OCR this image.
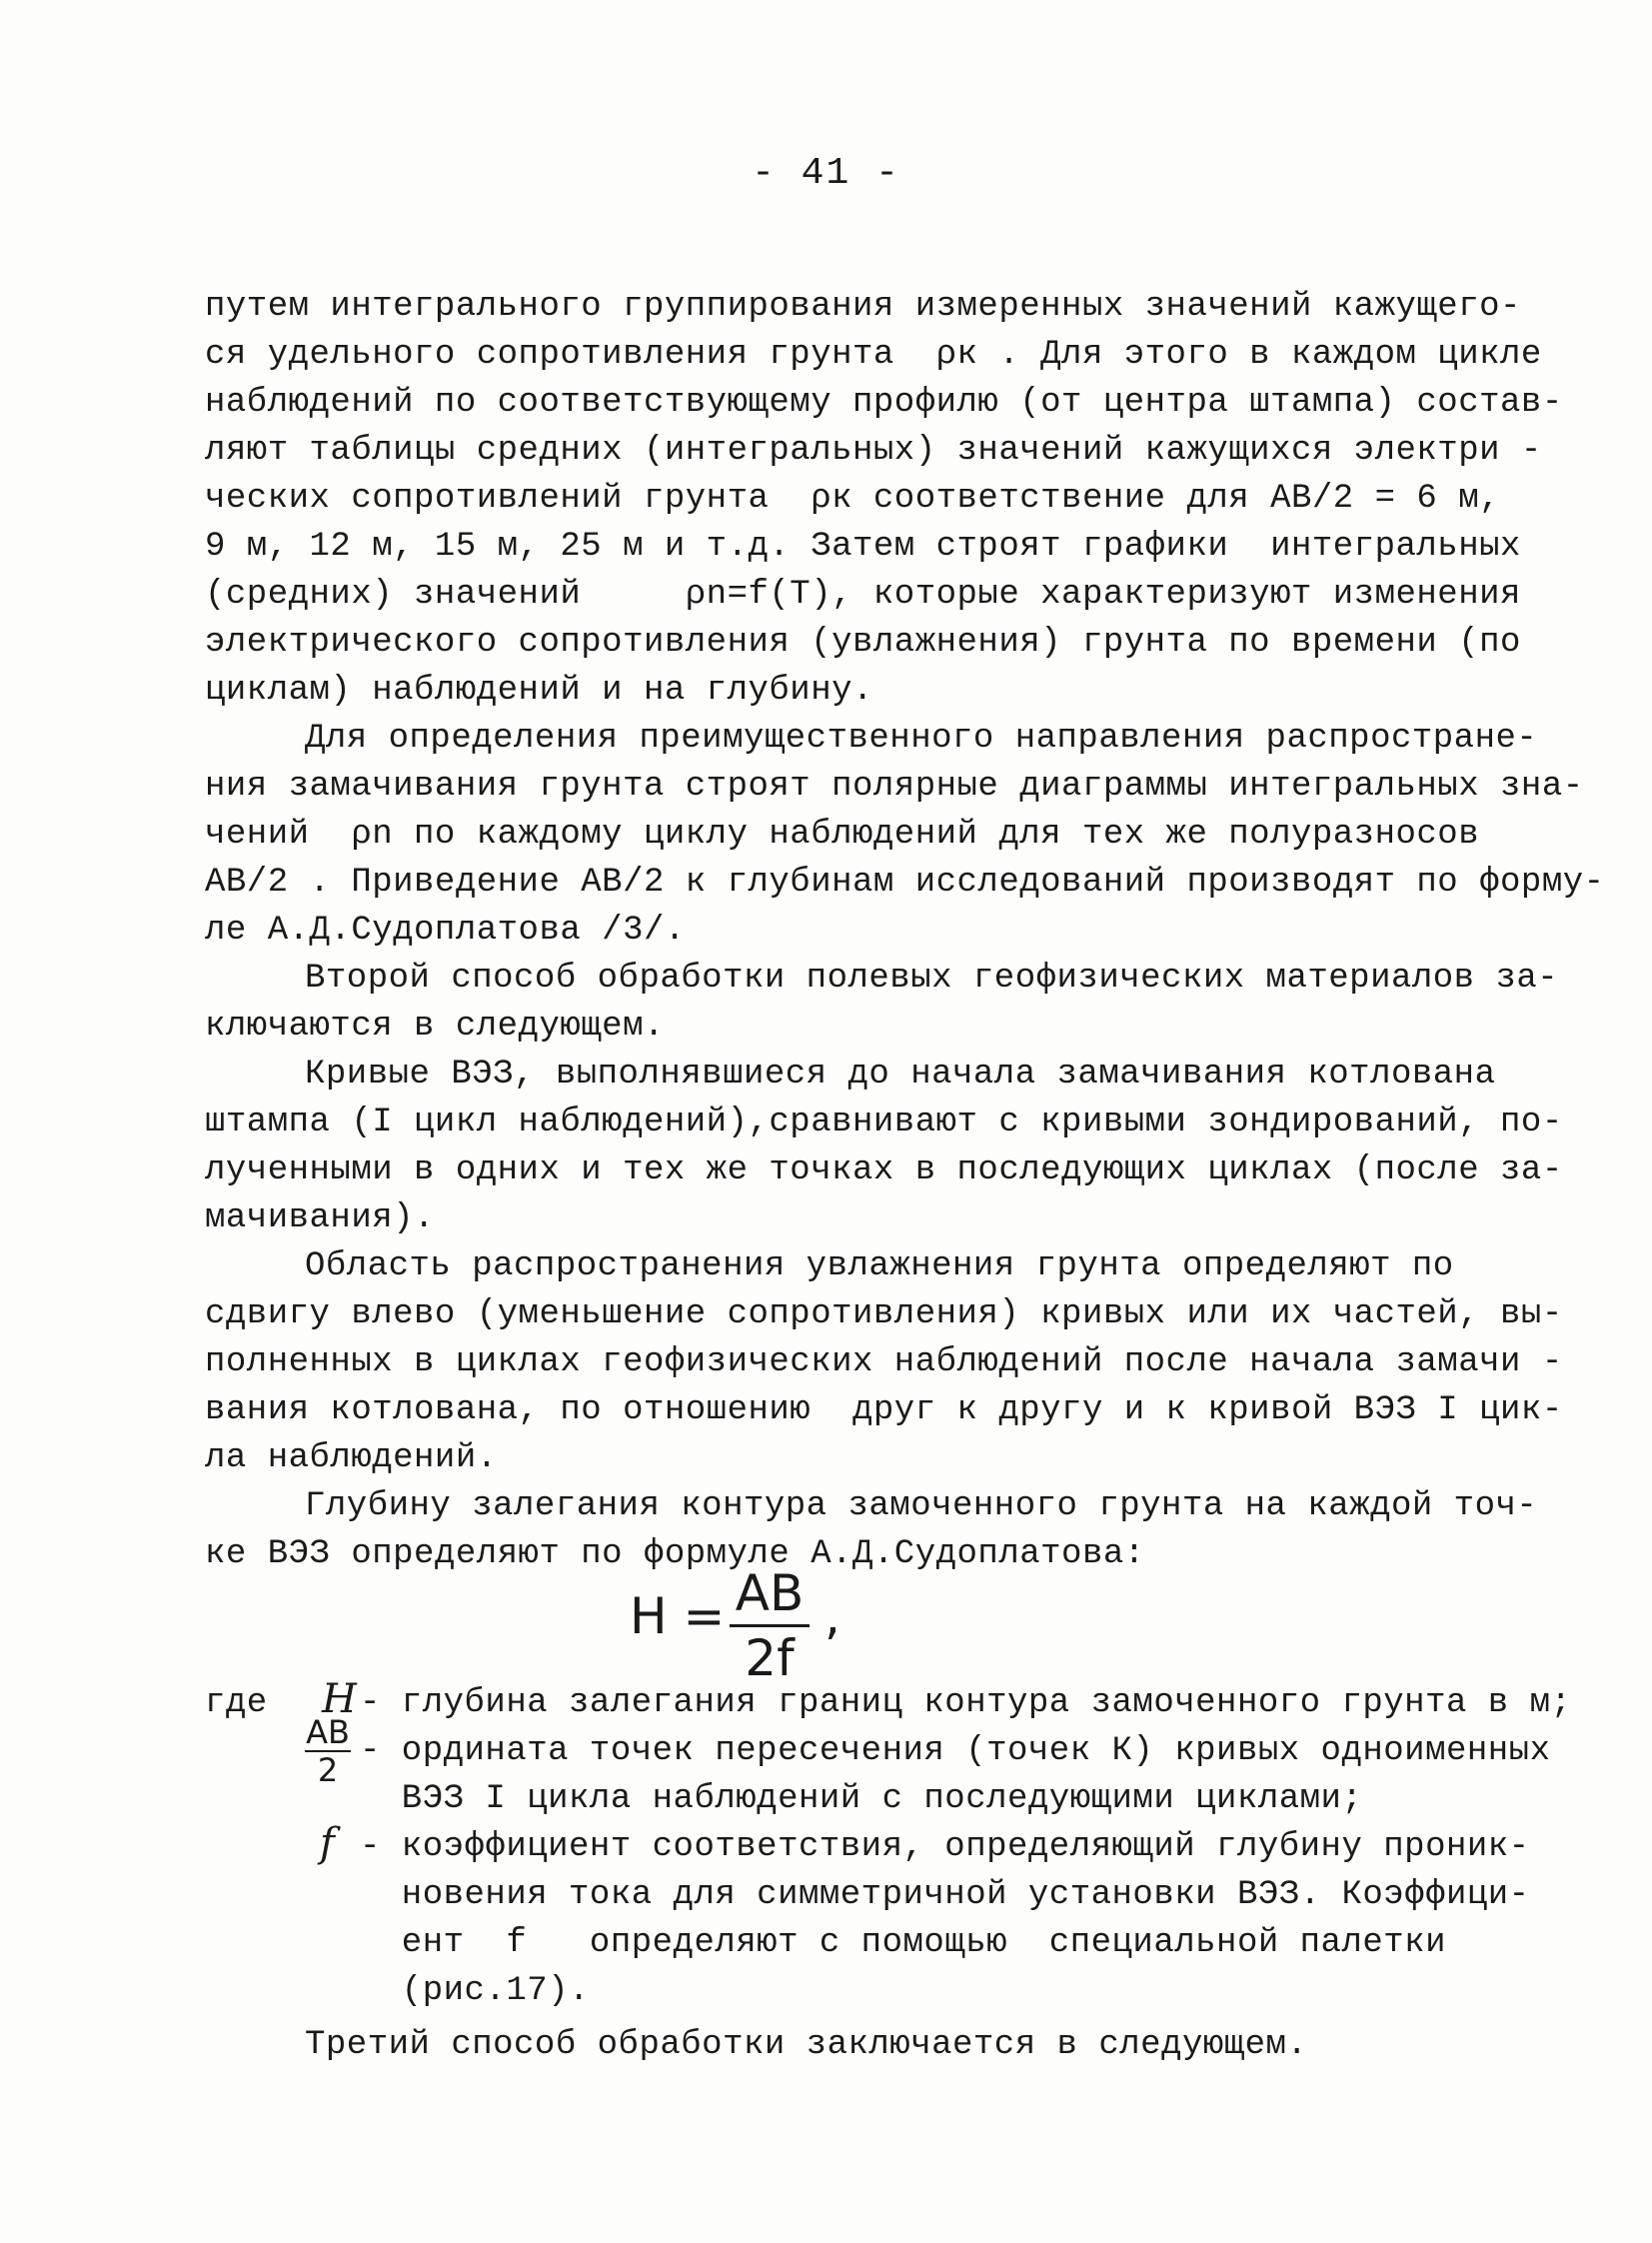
- 41 -
путем интегрального группирования измеренных значений кажущего-
ся удельного сопротивления грунта  ρк . Для этого в каждом цикле
наблюдений по соответствующему профилю (от центра штампа) состав-
ляют таблицы средних (интегральных) значений кажущихся электри -
ческих сопротивлений грунта  ρк соответствение для АВ/2 = 6 м,
9 м, 12 м, 15 м, 25 м и т.д. Затем строят графики  интегральных
(средних) значений     ρn=f(T), которые характеризуют изменения
электрического сопротивления (увлажнения) грунта по времени (по
циклам) наблюдений и на глубину.
Для определения преимущественного направления распростране-
ния замачивания грунта строят полярные диаграммы интегральных зна-
чений  ρn по каждому циклу наблюдений для тех же полуразносов
АВ/2 . Приведение АВ/2 к глубинам исследований производят по форму-
ле А.Д.Судоплатова /3/.
Второй способ обработки полевых геофизических материалов за-
ключаются в следующем.
Кривые ВЭЗ, выполнявшиеся до начала замачивания котлована
штампа (I цикл наблюдений),сравнивают с кривыми зондирований, по-
лученными в одних и тех же точках в последующих циклах (после за-
мачивания).
Область распространения увлажнения грунта определяют по
сдвигу влево (уменьшение сопротивления) кривых или их частей, вы-
полненных в циклах геофизических наблюдений после начала замачи -
вания котлована, по отношению  друг к другу и к кривой ВЭЗ I цик-
ла наблюдений.
Глубину залегания контура замоченного грунта на каждой точ-
ке ВЭЗ определяют по формуле А.Д.Судоплатова:
H = AB
2f
,
где H - глубина залегания границ контура замоченного грунта в м;
AB
2 - ордината точек пересечения (точек К) кривых одноименных
ВЭЗ I цикла наблюдений с последующими циклами;
f - коэффициент соответствия, определяющий глубину проник-
новения тока для симметричной установки ВЭЗ. Коэффици-
ент  f   определяют с помощью  специальной палетки
(рис.17).
Третий способ обработки заключается в следующем.
